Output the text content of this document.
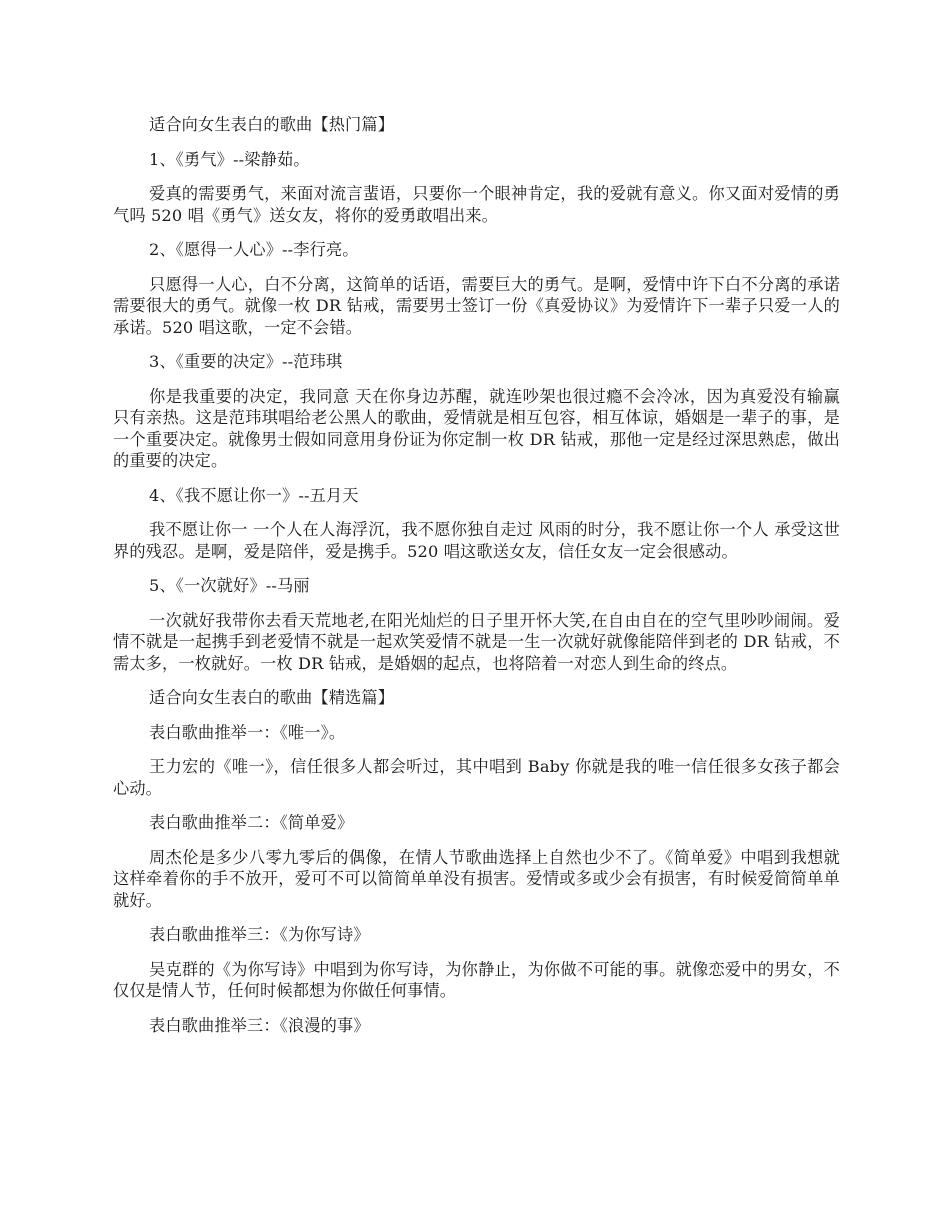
适合向女生表白的歌曲【热门篇】

1、《勇气》--梁静茹。

爱真的需要勇气，来面对流言蜚语，只要你一个眼神肯定，我的爱就有意义。你又面对爱情的勇气吗 520 唱《勇气》送女友，将你的爱勇敢唱出来。

2、《愿得一人心》--李行亮。

只愿得一人心，白不分离，这简单的话语，需要巨大的勇气。是啊，爱情中许下白不分离的承诺需要很大的勇气。就像一枚 DR 钻戒，需要男士签订一份《真爱协议》为爱情许下一辈子只爱一人的承诺。520 唱这歌，一定不会错。

3、《重要的决定》--范玮琪

你是我重要的决定，我同意 天在你身边苏醒，就连吵架也很过瘾不会冷冰，因为真爱没有输赢只有亲热。这是范玮琪唱给老公黑人的歌曲，爱情就是相互包容，相互体谅，婚姻是一辈子的事，是一个重要决定。就像男士假如同意用身份证为你定制一枚 DR 钻戒，那他一定是经过深思熟虑，做出的重要的决定。

4、《我不愿让你一》--五月天

我不愿让你一 一个人在人海浮沉，我不愿你独自走过 风雨的时分，我不愿让你一个人 承受这世界的残忍。是啊，爱是陪伴，爱是携手。520 唱这歌送女友，信任女友一定会很感动。

5、《一次就好》--马丽

一次就好我带你去看天荒地老,在阳光灿烂的日子里开怀大笑,在自由自在的空气里吵吵闹闹。爱情不就是一起携手到老爱情不就是一起欢笑爱情不就是一生一次就好就像能陪伴到老的 DR 钻戒，不需太多，一枚就好。一枚 DR 钻戒，是婚姻的起点，也将陪着一对恋人到生命的终点。

适合向女生表白的歌曲【精选篇】

表白歌曲推举一：《唯一》。

王力宏的《唯一》，信任很多人都会听过，其中唱到 Baby 你就是我的唯一信任很多女孩子都会心动。

表白歌曲推举二：《简单爱》

周杰伦是多少八零九零后的偶像，在情人节歌曲选择上自然也少不了。《简单爱》中唱到我想就这样牵着你的手不放开，爱可不可以简简单单没有损害。爱情或多或少会有损害，有时候爱简简单单就好。

表白歌曲推举三：《为你写诗》

吴克群的《为你写诗》中唱到为你写诗，为你静止，为你做不可能的事。就像恋爱中的男女，不仅仅是情人节，任何时候都想为你做任何事情。

表白歌曲推举三：《浪漫的事》
